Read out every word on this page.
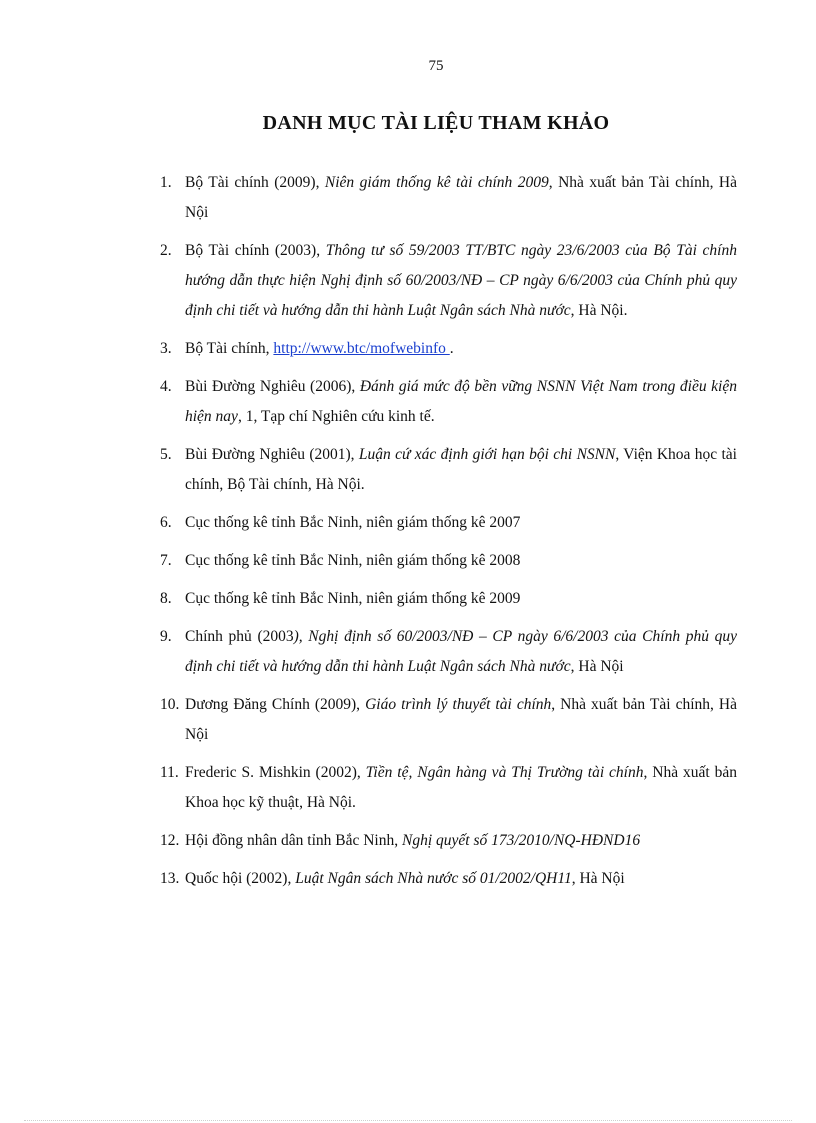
75
DANH MỤC TÀI LIỆU THAM KHẢO
1. Bộ Tài chính (2009), Niên giám thống kê tài chính 2009, Nhà xuất bản Tài chính, Hà Nội
2. Bộ Tài chính (2003), Thông tư số 59/2003 TT/BTC ngày 23/6/2003 của Bộ Tài chính hướng dẫn thực hiện Nghị định số 60/2003/NĐ – CP ngày 6/6/2003 của Chính phủ quy định chi tiết và hướng dẫn thi hành Luật Ngân sách Nhà nước, Hà Nội.
3. Bộ Tài chính, http://www.btc/mofwebinfo .
4. Bùi Đường Nghiêu (2006), Đánh giá mức độ bền vững NSNN Việt Nam trong điều kiện hiện nay, 1, Tạp chí Nghiên cứu kinh tế.
5. Bùi Đường Nghiêu (2001), Luận cứ xác định giới hạn bội chi NSNN, Viện Khoa học tài chính, Bộ Tài chính, Hà Nội.
6. Cục thống kê tỉnh Bắc Ninh, niên giám thống kê 2007
7. Cục thống kê tỉnh Bắc Ninh, niên giám thống kê 2008
8. Cục thống kê tỉnh Bắc Ninh, niên giám thống kê 2009
9. Chính phủ (2003), Nghị định số 60/2003/NĐ – CP ngày 6/6/2003 của Chính phủ quy định chi tiết và hướng dẫn thi hành Luật Ngân sách Nhà nước, Hà Nội
10. Dương Đăng Chính (2009), Giáo trình lý thuyết tài chính, Nhà xuất bản Tài chính, Hà Nội
11. Frederic S. Mishkin (2002), Tiền tệ, Ngân hàng và Thị Trường tài chính, Nhà xuất bản Khoa học kỹ thuật, Hà Nội.
12. Hội đồng nhân dân tỉnh Bắc Ninh, Nghị quyết số 173/2010/NQ-HĐND16
13. Quốc hội (2002), Luật Ngân sách Nhà nước số 01/2002/QH11, Hà Nội
